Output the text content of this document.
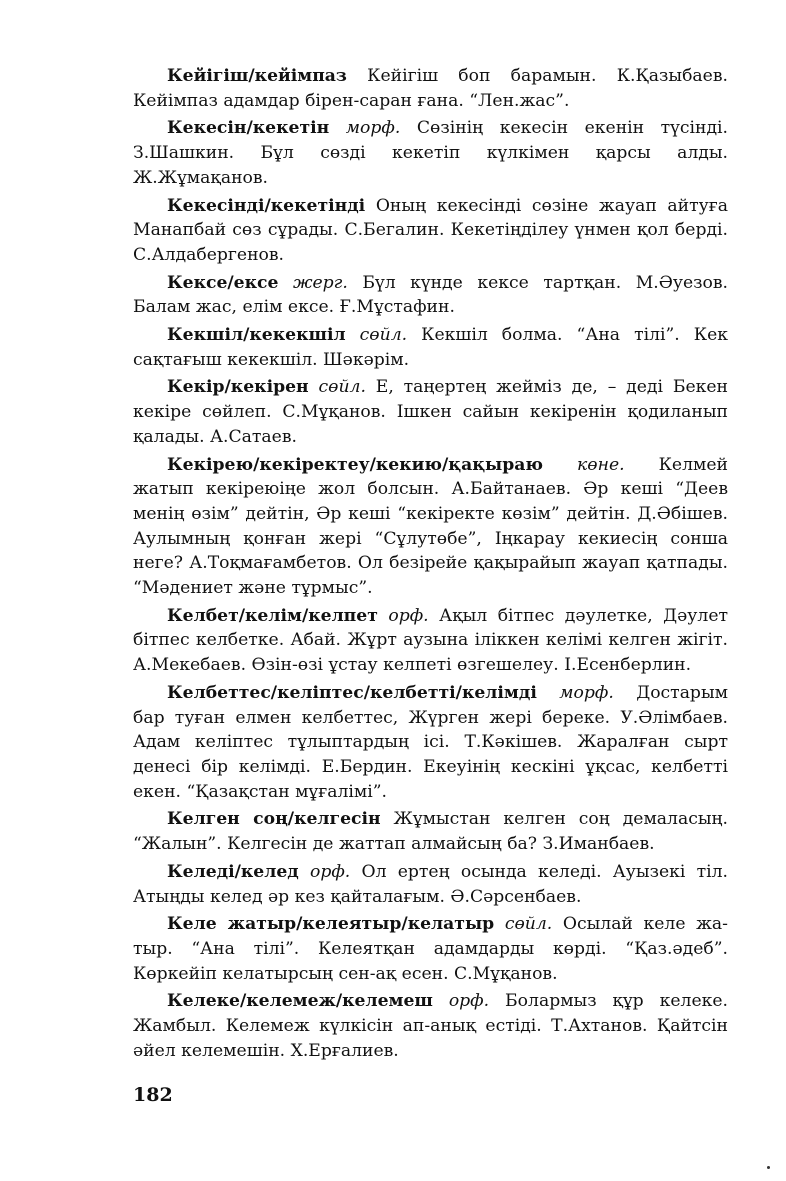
Кейігіш/кейімпаз Кейігіш боп барамын. К.Қазыбаев. Кейімпаз адамдар бірен-саран ғана. “Лен.жас”.

Кекесін/кекетін морф. Сөзінің кекесін екенін түсінді. З.Шашкин. Бұл сөзді кекетіп күлкімен қарсы алды. Ж.Жұмақанов.

Кекесінді/кекетінді Оның кекесінді сөзіне жауап айтуға Манапбай сөз сұрады. С.Бегалин. Кекетіңділеу үнмен қол берді. С.Алдабергенов.

Кексе/ексе жерг. Бүл күнде кексе тартқан. М.Әуезов. Балам жас, елім ексе. Ғ.Мұстафин.

Кекшіл/кекекшіл сөйл. Кекшіл болма. “Ана тілі”. Кек сақтағыш кекекшіл. Шәкәрім.

Кекір/кекірен сөйл. Е, таңертең жейміз де, – деді Бекен кекіре сөйлеп. С.Мұқанов. Ішкен сайын кекіренін қодиланып қалады. А.Сатаев.

Кекірею/кекіректеу/кекию/қақыраю көне. Келмей жатып кекіреюіңе жол болсын. А.Байтанаев. Әр кеші “Деев менің өзім” дейтін, Әр кеші “кекіректе көзім” дейтін. Д.Әбішев. Аулымның қонған жері “Сұлутөбе”, Іңкарау кекиесің сонша неге? А.Тоқмағамбетов. Ол безірейе қақырайып жауап қатпады. “Мәдениет және тұрмыс”.

Келбет/келім/келпет орф. Ақыл бітпес дәулетке, Дәулет бітпес келбетке. Абай. Жұрт аузына іліккен келімі келген жігіт. А.Мекебаев. Өзін-өзі ұстау келпеті өзгешелеу. І.Есенберлин.

Келбеттес/келіптес/келбетті/келімді морф. Достарым бар туған елмен келбеттес, Жүрген жері береке. У.Әлімбаев. Адам келіптес тұлыптардың ісі. Т.Кәкішев. Жаралған сырт денесі бір келімді. Е.Бердин. Екеуінің кескіні ұқсас, келбетті екен. “Қазақстан мұғалімі”.

Келген соң/келгесін Жұмыстан келген соң демаласың. “Жалын”. Келгесін де жаттап алмайсың ба? З.Иманбаев.

Келеді/келед орф. Ол ертең осында келеді. Ауызекі тіл. Атыңды келед әр кез қайталағым. Ә.Сәрсенбаев.

Келе жатыр/келеятыр/келатыр сөйл. Осылай келе жатыр. “Ана тілі”. Келеятқан адамдарды көрді. “Қаз.әдеб”. Көркейіп келатырсың сен-ақ есен. С.Мұқанов.

Келеке/келемеж/келемеш орф. Болармыз құр келеке. Жамбыл. Келемеж күлкісін ап-анық естіді. Т.Ахтанов. Қайтсін әйел келемешін. Х.Ерғалиев.

182
